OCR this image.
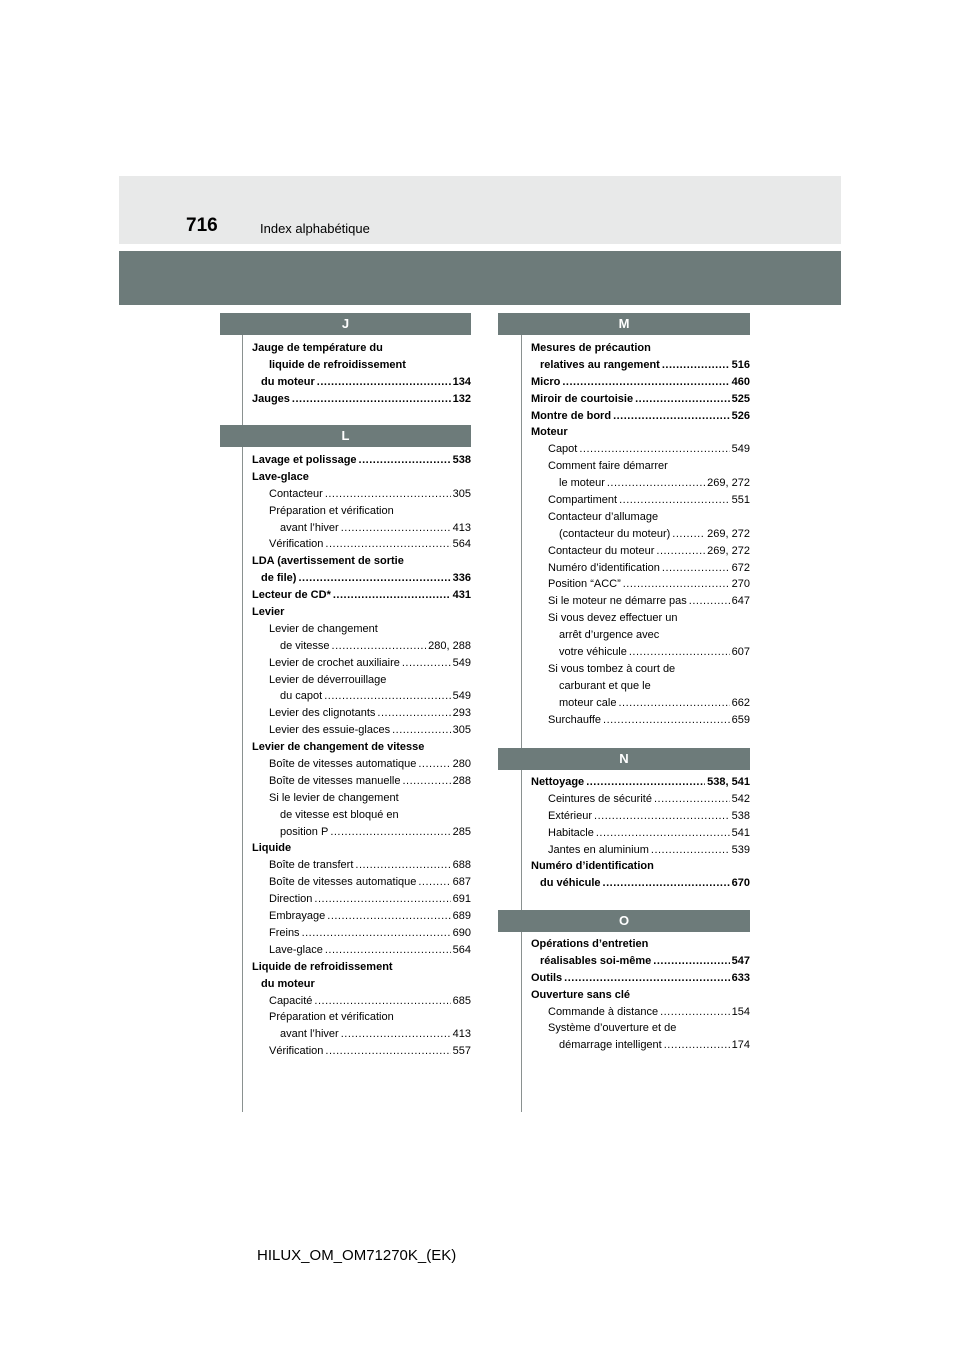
716	Index alphabétique
J
Jauge de température du
liquide de refroidissement
du moteur .....	134
Jauges .....	132
L
Lavage et polissage .....	538
Lave-glace
Contacteur .....	305
Préparation et vérification
avant l’hiver .....	413
Vérification .....	564
LDA (avertissement de sortie
de file) .....	336
Lecteur de CD * .....	431
Levier
Levier de changement
de vitesse .....	280, 288
Levier de crochet auxiliaire .....	549
Levier de déverrouillage
du capot .....	549
Levier des clignotants .....	293
Levier des essuie-glaces .....	305
Levier de changement de vitesse
Boîte de vitesses automatique .....	280
Boîte de vitesses manuelle .....	288
Si le levier de changement
de vitesse est bloqué en
position P .....	285
Liquide
Boîte de transfert .....	688
Boîte de vitesses automatique .....	687
Direction .....	691
Embrayage .....	689
Freins .....	690
Lave-glace .....	564
Liquide de refroidissement
du moteur
Capacité .....	685
Préparation et vérification
avant l’hiver .....	413
Vérification .....	557
M
Mesures de précaution
relatives au rangement .....	516
Micro .....	460
Miroir de courtoisie .....	525
Montre de bord .....	526
Moteur
Capot .....	549
Comment faire démarrer
le moteur .....	269, 272
Compartiment .....	551
Contacteur d’allumage
(contacteur du moteur) .....	269, 272
Contacteur du moteur .....	269, 272
Numéro d’identification .....	672
Position “ACC” .....	270
Si le moteur ne démarre pas .....	647
Si vous devez effectuer un
arrêt d’urgence avec
votre véhicule .....	607
Si vous tombez à court de
carburant et que le
moteur cale .....	662
Surchauffe .....	659
N
Nettoyage .....	538, 541
Ceintures de sécurité .....	542
Extérieur .....	538
Habitacle .....	541
Jantes en aluminium .....	539
Numéro d’identification
du véhicule .....	670
O
Opérations d’entretien
réalisables soi-même .....	547
Outils .....	633
Ouverture sans clé
Commande à distance .....	154
Système d’ouverture et de
démarrage intelligent .....	174
HILUX_OM_OM71270K_(EK)
